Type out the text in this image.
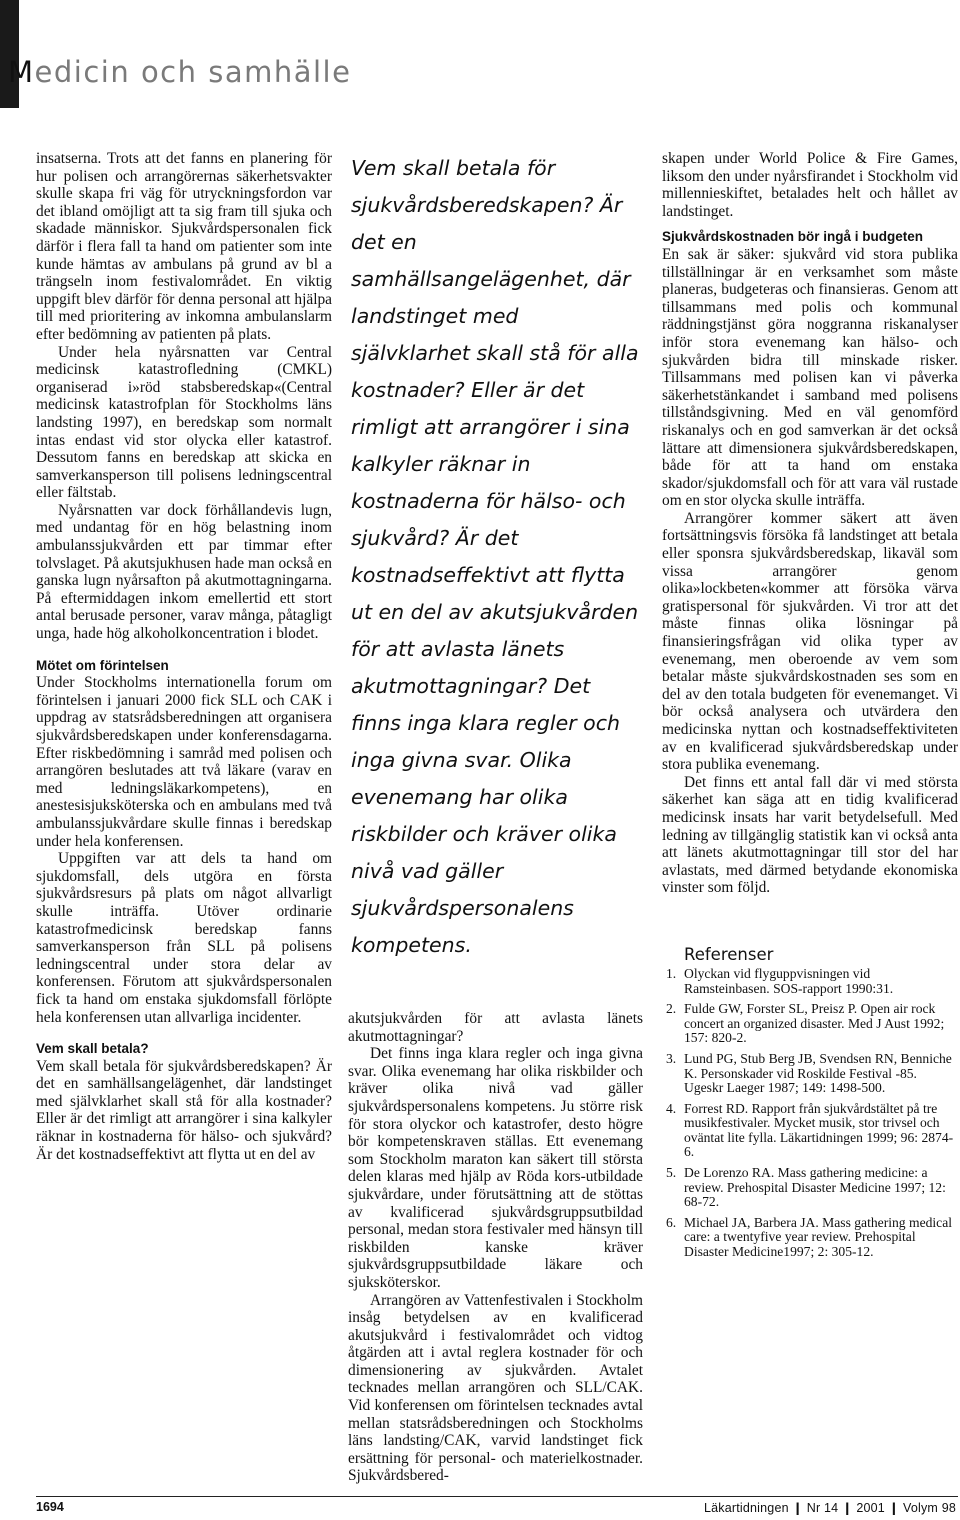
Medicin och samhälle

insatserna. Trots att det fanns en planering för hur polisen och arrangörernas säkerhetsvakter skulle skapa fri väg för utryckningsfordon var det ibland omöjligt att ta sig fram till sjuka och skadade människor. Sjukvårdspersonalen fick därför i flera fall ta hand om patienter som inte kunde hämtas av ambulans på grund av bl a trängseln inom festivalområdet. En viktig uppgift blev därför för denna personal att hjälpa till med prioritering av inkomna ambulanslarm efter bedömning av patienten på plats.

Under hela nyårsnatten var Central medicinsk katastrofledning (CMKL) organiserad i»röd stabsberedskap«(Central medicinsk katastrofplan för Stockholms läns landsting 1997), en beredskap som normalt intas endast vid stor olycka eller katastrof. Dessutom fanns en beredskap att skicka en samverkansperson till polisens ledningscentral eller fältstab.

Nyårsnatten var dock förhållandevis lugn, med undantag för en hög belastning inom ambulanssjukvården ett par timmar efter tolvslaget. På akutsjukhusen hade man också en ganska lugn nyårsafton på akutmottagningarna. På eftermiddagen inkom emellertid ett stort antal berusade personer, varav många, påtagligt unga, hade hög alkoholkoncentration i blodet.

Mötet om förintelsen

Under Stockholms internationella forum om förintelsen i januari 2000 fick SLL och CAK i uppdrag av statsrådsberedningen att organisera sjukvårdsberedskapen under konferensdagarna. Efter riskbedömning i samråd med polisen och arrangören beslutades att två läkare (varav en med ledningsläkarkompetens), en anestesisjuksköterska och en ambulans med två ambulanssjukvårdare skulle finnas i beredskap under hela konferensen.

Uppgiften var att dels ta hand om sjukdomsfall, dels utgöra en första sjukvårdsresurs på plats om något allvarligt skulle inträffa. Utöver ordinarie katastrofmedicinsk beredskap fanns samverkansperson från SLL på polisens ledningscentral under stora delar av konferensen. Förutom att sjukvårdspersonalen fick ta hand om enstaka sjukdomsfall förlöpte hela konferensen utan allvarliga incidenter.

Vem skall betala?

Vem skall betala för sjukvårdsberedskapen? Är det en samhällsangelägenhet, där landstinget med självklarhet skall stå för alla kostnader? Eller är det rimligt att arrangörer i sina kalkyler räknar in kostnaderna för hälso- och sjukvård? Är det kostnadseffektivt att flytta ut en del av

Vem skall betala för sjukvårdsberedskapen? Är det en samhällsangelägenhet, där landstinget med självklarhet skall stå för alla kostnader? Eller är det rimligt att arrangörer i sina kalkyler räknar in kostnaderna för hälso- och sjukvård? Är det kostnadseffektivt att flytta ut en del av akutsjukvården för att avlasta länets akutmottagningar? Det finns inga klara regler och inga givna svar. Olika evenemang har olika riskbilder och kräver olika nivå vad gäller sjukvårdspersonalens kompetens.

akutsjukvården för att avlasta länets akutmottagningar?

Det finns inga klara regler och inga givna svar. Olika evenemang har olika riskbilder och kräver olika nivå vad gäller sjukvårdspersonalens kompetens. Ju större risk för stora olyckor och katastrofer, desto högre bör kompetenskraven ställas. Ett evenemang som Stockholm maraton kan säkert till största delen klaras med hjälp av Röda kors-utbildade sjukvårdare, under förutsättning att de stöttas av kvalificerad sjukvårdsgruppsutbildad personal, medan stora festivaler med hänsyn till riskbilden kanske kräver sjukvårdsgruppsutbildade läkare och sjuksköterskor.

Arrangören av Vattenfestivalen i Stockholm insåg betydelsen av en kvalificerad akutsjukvård i festivalområdet och vidtog åtgärden att i avtal reglera kostnader för och dimensionering av sjukvården. Avtalet tecknades mellan arrangören och SLL/CAK. Vid konferensen om förintelsen tecknades avtal mellan statsrådsberedningen och Stockholms läns landsting/CAK, varvid landstinget fick ersättning för personal- och materielkostnader. Sjukvårdsbered-

skapen under World Police & Fire Games, liksom den under nyårsfirandet i Stockholm vid millennieskiftet, betalades helt och hållet av landstinget.

Sjukvårdskostnaden bör ingå i budgeten

En sak är säker: sjukvård vid stora publika tillställningar är en verksamhet som måste planeras, budgeteras och finansieras. Genom att tillsammans med polis och kommunal räddningstjänst göra noggranna riskanalyser inför stora evenemang kan hälso- och sjukvården bidra till minskade risker. Tillsammans med polisen kan vi påverka säkerhetstänkandet i samband med polisens tillståndsgivning. Med en väl genomförd riskanalys och en god samverkan är det också lättare att dimensionera sjukvårdsberedskapen, både för att ta hand om enstaka skador/sjukdomsfall och för att vara väl rustade om en stor olycka skulle inträffa.

Arrangörer kommer säkert att även fortsättningsvis försöka få landstinget att betala eller sponsra sjukvårdsberedskap, likaväl som vissa arrangörer genom olika»lockbeten«kommer att försöka värva gratispersonal för sjukvården. Vi tror att det måste finnas olika lösningar på finansieringsfrågan vid olika typer av evenemang, men oberoende av vem som betalar måste sjukvårdskostnaden ses som en del av den totala budgeten för evenemanget. Vi bör också analysera och utvärdera den medicinska nyttan och kostnadseffektiviteten av en kvalificerad sjukvårdsberedskap under stora publika evenemang.

Det finns ett antal fall där vi med största säkerhet kan säga att en tidig kvalificerad medicinsk insats har varit betydelsefull. Med ledning av tillgänglig statistik kan vi också anta att länets akutmottagningar till stor del har avlastats, med därmed betydande ekonomiska vinster som följd.

Referenser
1. Olyckan vid flyguppvisningen vid Ramsteinbasen. SOS-rapport 1990:31.
2. Fulde GW, Forster SL, Preisz P. Open air rock concert an organized disaster. Med J Aust 1992; 157: 820-2.
3. Lund PG, Stub Berg JB, Svendsen RN, Benniche K. Personskader vid Roskilde Festival -85. Ugeskr Laeger 1987; 149: 1498-500.
4. Forrest RD. Rapport från sjukvårdstältet på tre musikfestivaler. Mycket musik, stor trivsel och oväntat lite fylla. Läkartidningen 1999; 96: 2874-6.
5. De Lorenzo RA. Mass gathering medicine: a review. Prehospital Disaster Medicine 1997; 12: 68-72.
6. Michael JA, Barbera JA. Mass gathering medical care: a twentyfive year review. Prehospital Disaster Medicine1997; 2: 305-12.
1694	Läkartidningen ❙ Nr 14 ❙ 2001 ❙ Volym 98
